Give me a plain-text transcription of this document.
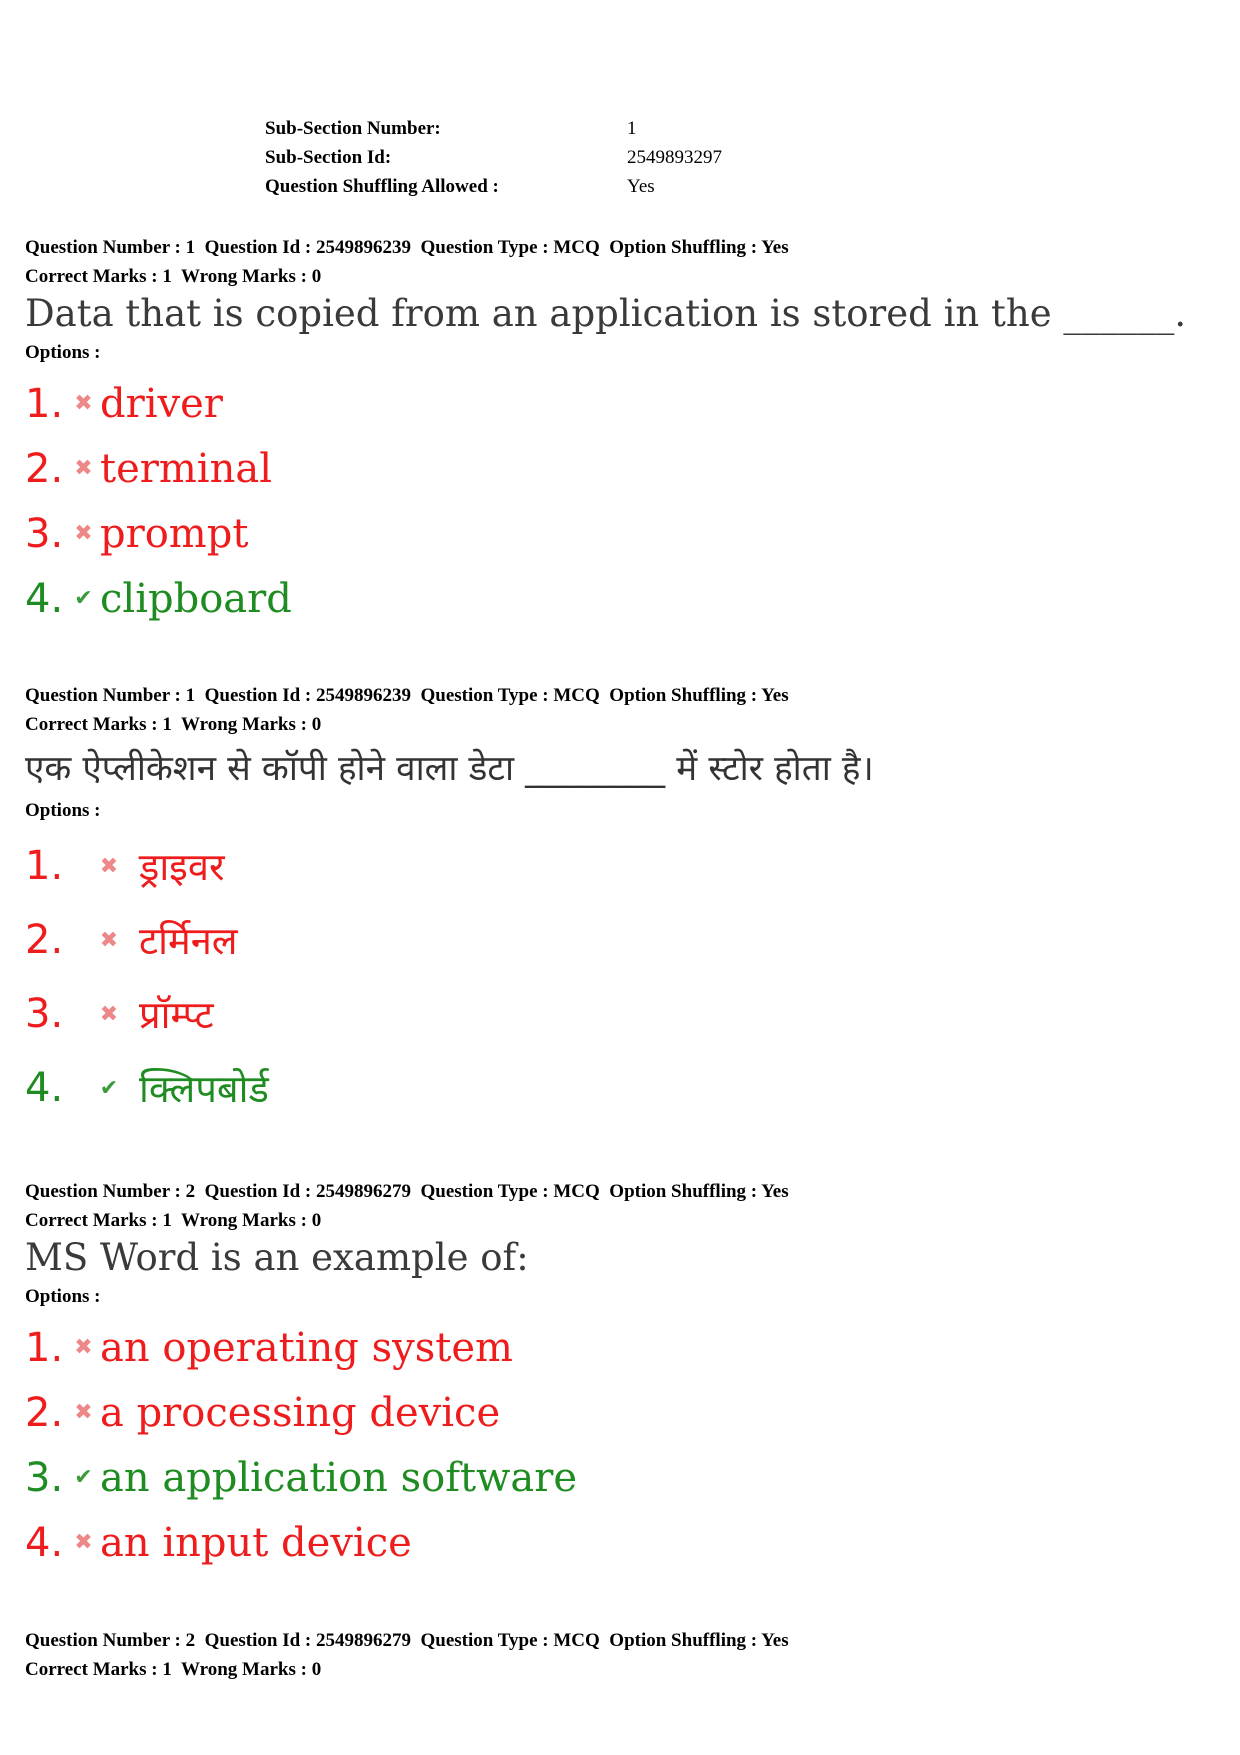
Sub-Section Number:	1
Sub-Section Id:	2549893297
Question Shuffling Allowed :	Yes
Question Number : 1  Question Id : 2549896239  Question Type : MCQ  Option Shuffling : Yes
Correct Marks : 1  Wrong Marks : 0
Data that is copied from an application is stored in the ______.
Options :
1. ✖ driver
2. ✖ terminal
3. ✖ prompt
4. ✔ clipboard
Question Number : 1  Question Id : 2549896239  Question Type : MCQ  Option Shuffling : Yes
Correct Marks : 1  Wrong Marks : 0
एक ऐप्लीकेशन से कॉपी होने वाला डेटा ________ में स्टोर होता है।
Options :
1.	✖ ड्राइवर
2.	✖ टर्मिनल
3.	✖ प्रॉम्प्ट
4.	✔ क्लिपबोर्ड
Question Number : 2  Question Id : 2549896279  Question Type : MCQ  Option Shuffling : Yes
Correct Marks : 1  Wrong Marks : 0
MS Word is an example of:
Options :
1. ✖ an operating system
2. ✖ a processing device
3. ✔ an application software
4. ✖ an input device
Question Number : 2  Question Id : 2549896279  Question Type : MCQ  Option Shuffling : Yes
Correct Marks : 1  Wrong Marks : 0
